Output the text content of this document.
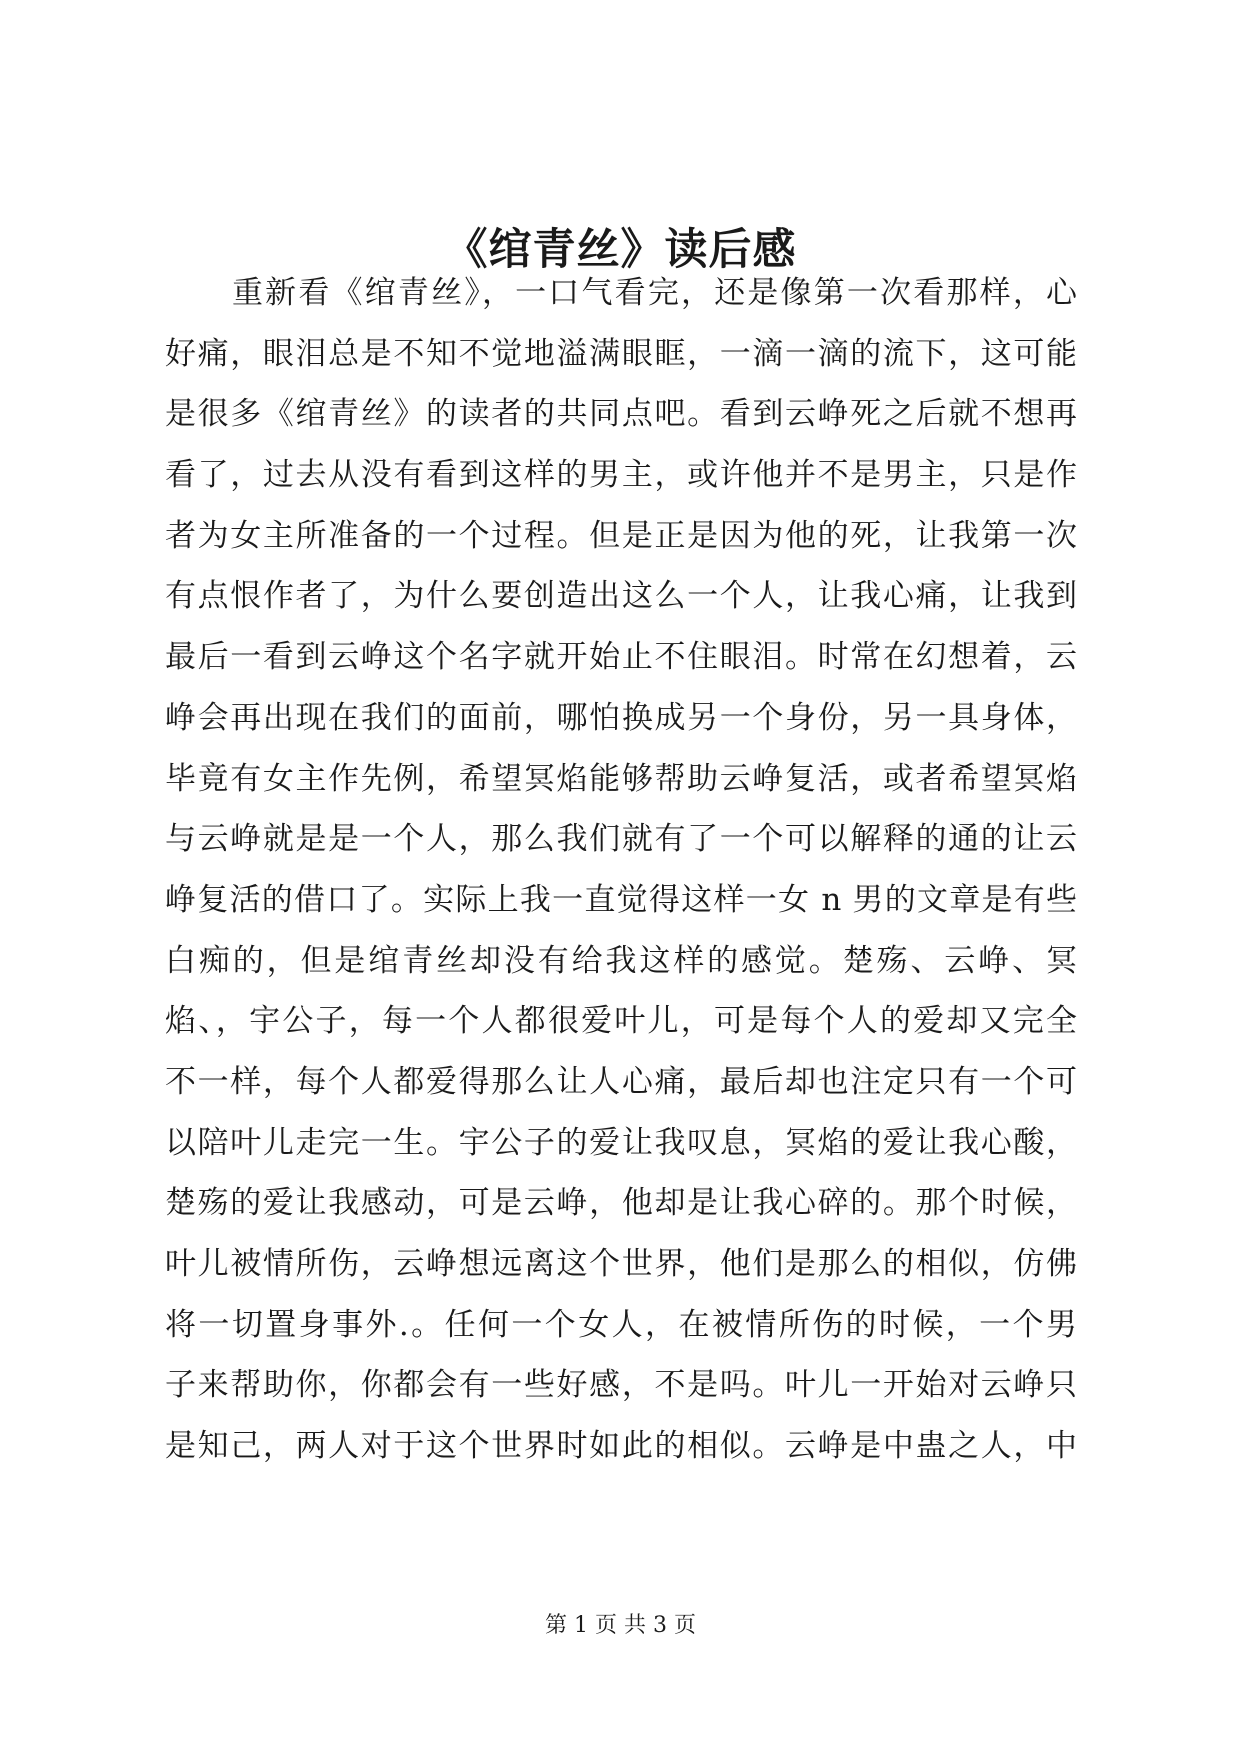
《绾青丝》读后感
重新看《绾青丝》，一口气看完，还是像第一次看那样，心
好痛，眼泪总是不知不觉地溢满眼眶，一滴一滴的流下，这可能
是很多《绾青丝》的读者的共同点吧。看到云峥死之后就不想再
看了，过去从没有看到这样的男主，或许他并不是男主，只是作
者为女主所准备的一个过程。但是正是因为他的死，让我第一次
有点恨作者了，为什么要创造出这么一个人，让我心痛，让我到
最后一看到云峥这个名字就开始止不住眼泪。时常在幻想着，云
峥会再出现在我们的面前，哪怕换成另一个身份，另一具身体，
毕竟有女主作先例，希望冥焰能够帮助云峥复活，或者希望冥焰
与云峥就是是一个人，那么我们就有了一个可以解释的通的让云
峥复活的借口了。实际上我一直觉得这样一女 n 男的文章是有些
白痴的，但是绾青丝却没有给我这样的感觉。楚殇、云峥、冥
焰、，宇公子，每一个人都很爱叶儿，可是每个人的爱却又完全
不一样，每个人都爱得那么让人心痛，最后却也注定只有一个可
以陪叶儿走完一生。宇公子的爱让我叹息，冥焰的爱让我心酸，
楚殇的爱让我感动，可是云峥，他却是让我心碎的。那个时候，
叶儿被情所伤，云峥想远离这个世界，他们是那么的相似，仿佛
将一切置身事外.。任何一个女人，在被情所伤的时候，一个男
子来帮助你，你都会有一些好感，不是吗。叶儿一开始对云峥只
是知己，两人对于这个世界时如此的相似。云峥是中蛊之人，中
第 1 页 共 3 页
